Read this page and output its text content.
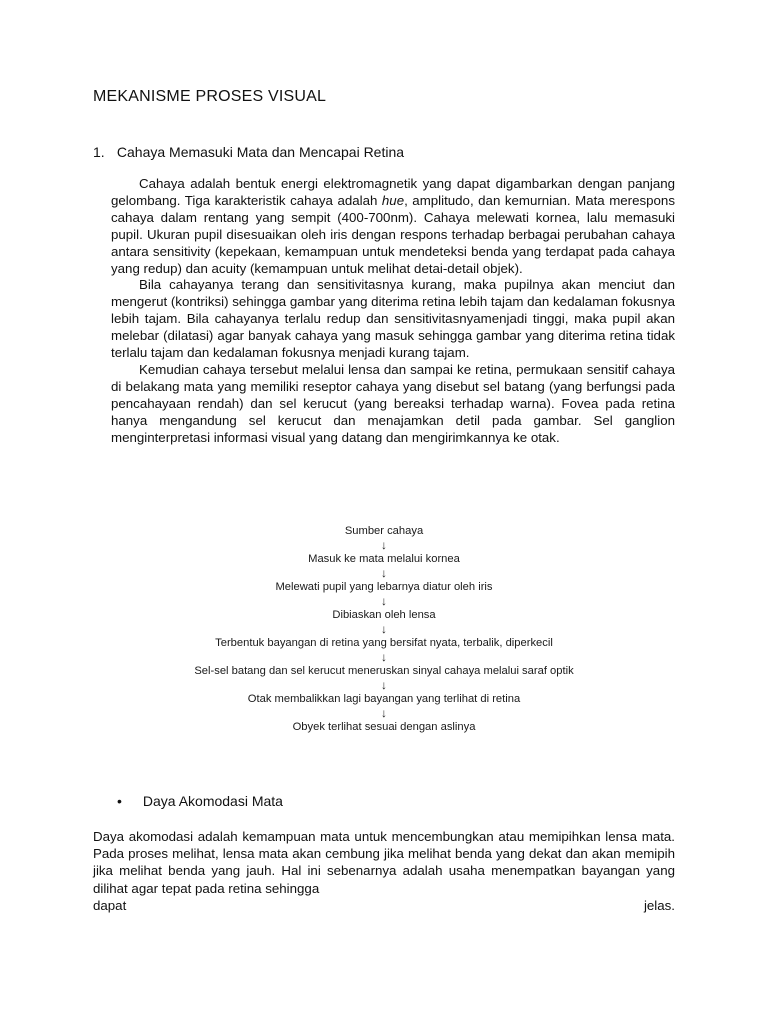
MEKANISME PROSES VISUAL
1. Cahaya Memasuki Mata dan Mencapai Retina

Cahaya adalah bentuk energi elektromagnetik yang dapat digambarkan dengan panjang gelombang. Tiga karakteristik cahaya adalah hue, amplitudo, dan kemurnian. Mata merespons cahaya dalam rentang yang sempit (400-700nm). Cahaya melewati kornea, lalu memasuki pupil. Ukuran pupil disesuaikan oleh iris dengan respons terhadap berbagai perubahan cahaya antara sensitivity (kepekaan, kemampuan untuk mendeteksi benda yang terdapat pada cahaya yang redup) dan acuity (kemampuan untuk melihat detai-detail objek).

Bila cahayanya terang dan sensitivitasnya kurang, maka pupilnya akan menciut dan mengerut (kontriksi) sehingga gambar yang diterima retina lebih tajam dan kedalaman fokusnya lebih tajam. Bila cahayanya terlalu redup dan sensitivitasnyamenjadi tinggi, maka pupil akan melebar (dilatasi) agar banyak cahaya yang masuk sehingga gambar yang diterima retina tidak terlalu tajam dan kedalaman fokusnya menjadi kurang tajam.

Kemudian cahaya tersebut melalui lensa dan sampai ke retina, permukaan sensitif cahaya di belakang mata yang memiliki reseptor cahaya yang disebut sel batang (yang berfungsi pada pencahayaan rendah) dan sel kerucut (yang bereaksi terhadap warna). Fovea pada retina hanya mengandung sel kerucut dan menajamkan detil pada gambar. Sel ganglion menginterpretasi informasi visual yang datang dan mengirimkannya ke otak.

Sumber cahaya
↓
Masuk ke mata melalui kornea
↓
Melewati pupil yang lebarnya diatur oleh iris
↓
Dibiaskan oleh lensa
↓
Terbentuk bayangan di retina yang bersifat nyata, terbalik, diperkecil
↓
Sel-sel batang dan sel kerucut meneruskan sinyal cahaya melalui saraf optik
↓
Otak membalikkan lagi bayangan yang terlihat di retina
↓
Obyek terlihat sesuai dengan aslinya
• Daya Akomodasi Mata
Daya akomodasi adalah kemampuan mata untuk mencembungkan atau memipihkan lensa mata. Pada proses melihat, lensa mata akan cembung jika melihat benda yang dekat dan akan memipih jika melihat benda yang jauh. Hal ini sebenarnya adalah usaha menempatkan bayangan yang dilihat agar tepat pada retina sehingga
dapat	jelas.
